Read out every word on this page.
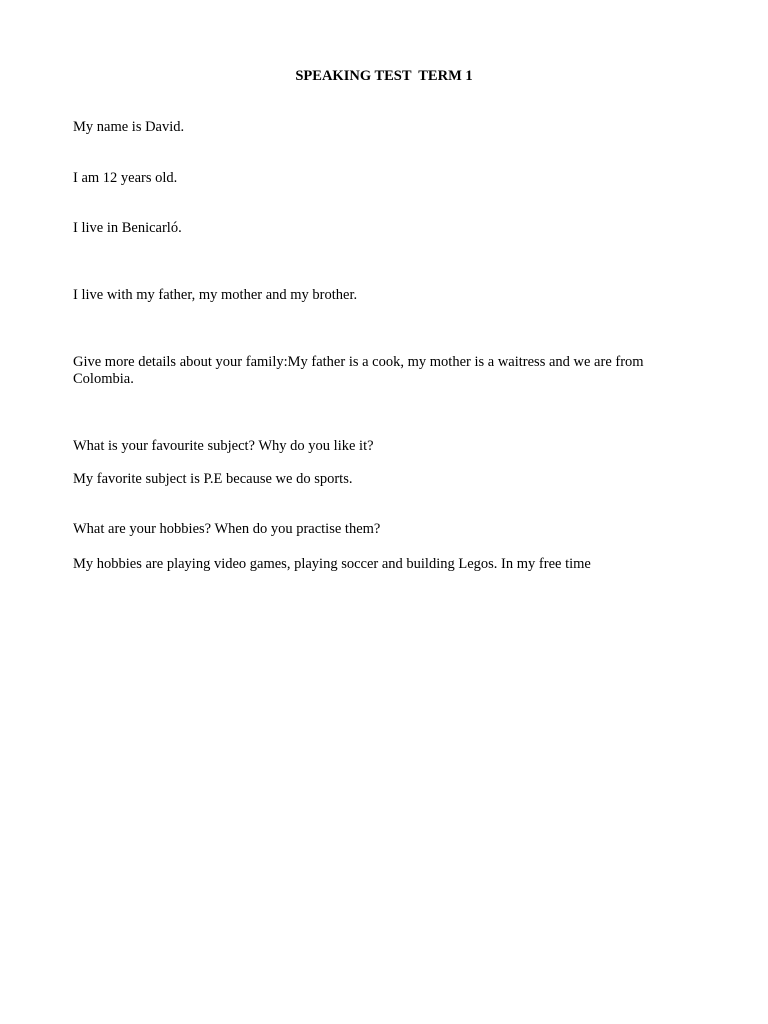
SPEAKING TEST  TERM 1
My name is David.
I am 12 years old.
I live in Benicarló.
I live with my father, my mother and my brother.
Give more details about your family:My father is a cook, my mother is a waitress and we are from Colombia.
What is your favourite subject? Why do you like it?
My favorite subject is P.E because we do sports.
What are your hobbies? When do you practise them?
My hobbies are playing video games, playing soccer and building Legos. In my free time
